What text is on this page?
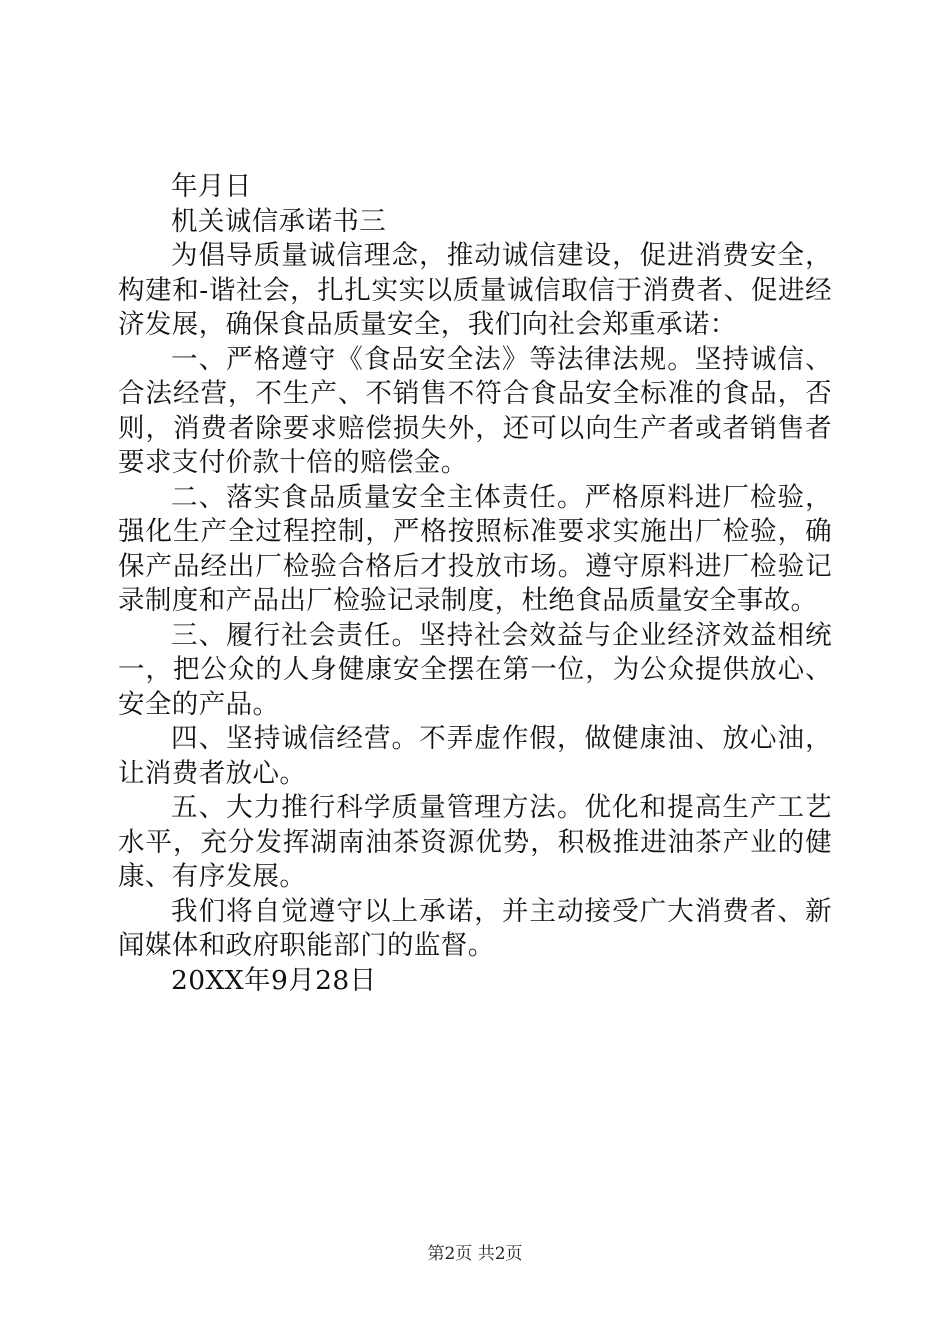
年月日

机关诚信承诺书三

为倡导质量诚信理念，推动诚信建设，促进消费安全，构建和-谐社会，扎扎实实以质量诚信取信于消费者、促进经济发展，确保食品质量安全，我们向社会郑重承诺：

一、严格遵守《食品安全法》等法律法规。坚持诚信、合法经营，不生产、不销售不符合食品安全标准的食品，否则，消费者除要求赔偿损失外，还可以向生产者或者销售者要求支付价款十倍的赔偿金。

二、落实食品质量安全主体责任。严格原料进厂检验，强化生产全过程控制，严格按照标准要求实施出厂检验，确保产品经出厂检验合格后才投放市场。遵守原料进厂检验记录制度和产品出厂检验记录制度，杜绝食品质量安全事故。

三、履行社会责任。坚持社会效益与企业经济效益相统一，把公众的人身健康安全摆在第一位，为公众提供放心、安全的产品。

四、坚持诚信经营。不弄虚作假，做健康油、放心油，让消费者放心。

五、大力推行科学质量管理方法。优化和提高生产工艺水平，充分发挥湖南油茶资源优势，积极推进油茶产业的健康、有序发展。

我们将自觉遵守以上承诺，并主动接受广大消费者、新闻媒体和政府职能部门的监督。

20XX年9月28日

第2页 共2页
